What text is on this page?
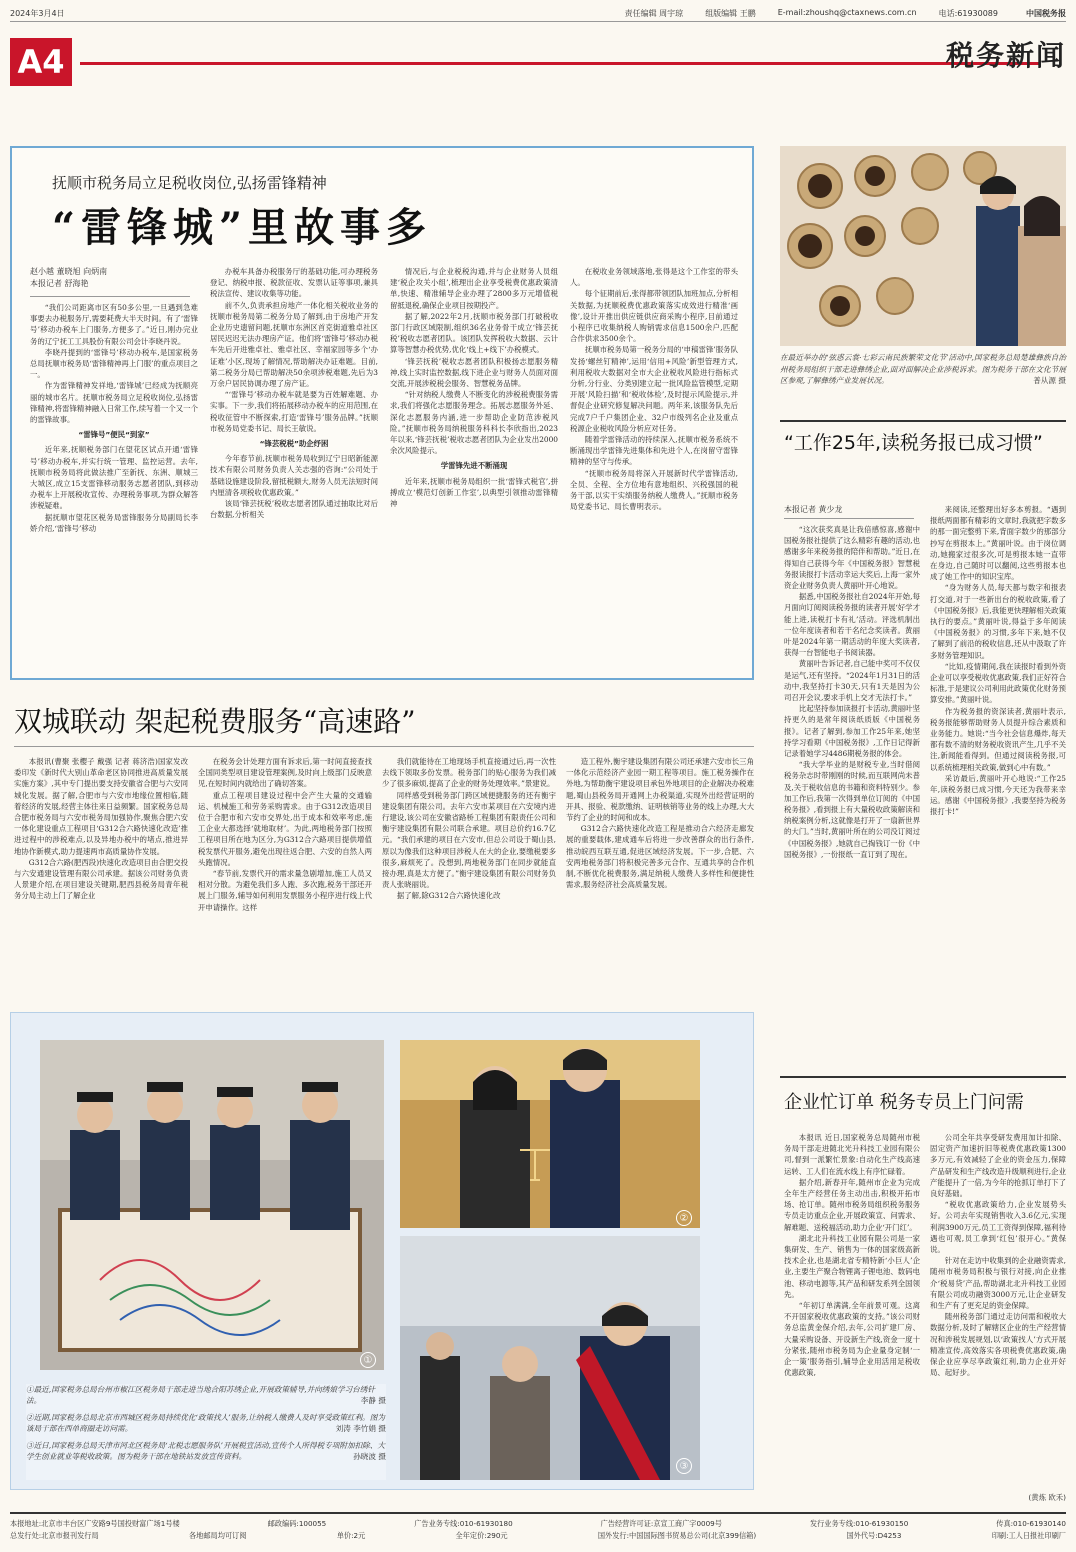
2024年3月4日	责任编辑 周宇琼	组版编辑 王鹏	E-mail:zhoushq@ctaxnews.com.cn	电话:61930089	中国税务报
A4	税务新闻
抚顺市税务局立足税收岗位,弘扬雷锋精神
“雷锋城”里故事多
赵小越 董晓旭 向炳南
本报记者 舒海艳

“我们公司距离市区有50多公里,一旦遇到急难事要去办税服务厅,需要耗费大半天时间。有了‘雷锋号’移动办税车上门服务,方便多了。”近日,刚办完业务的辽宁抚工工具股份有限公司会计李晓丹说。

李晓丹提到的‘雷锋号’移动办税车,是国家税务总局抚顺市税务局‘雷锋精神再上门服’的重点项目之一。

作为雷锋精神发祥地,‘雷锋城’已经成为抚顺亮丽的城市名片。抚顺市税务局立足税收岗位,弘扬雷锋精神,将雷锋精神融入日常工作,续写着一个又一个的雷锋故事。

“雷锋号”便民“到家”

近年来,抚顺税务部门在望花区试点开通‘雷锋号’移动办税车,并实行统一管理、监控运营。去年,抚顺市税务局将此做法推广至新抚、东洲、顺城三大城区,成立15支雷锋移动服务志愿者团队,到移动办税车上开展税收宣传、办理税务事项,为群众解答涉税疑难。

据抚顺市望花区税务局雷锋服务分局副局长李娇介绍,‘雷锋号’移动

办税车具备办税服务厅的基础功能,可办理税务登记、纳税申报、税款征收、发票认证等事项,兼具税法宣传、建议收集等功能。

前不久,负责承担房地产一体化相关税收业务的抚顺市税务局第二税务分局了解到,由于房地产开发企业历史遗留问题,抚顺市东洲区首克街道雅卓社区居民迟迟无法办理房产证。他们将‘雷锋号’移动办税车先后开进雅卓社、雅卓社区、幸福家园等多个‘办证难’小区,现场了解情况,帮助解决办证难题。目前,第二税务分局已帮助解决50余项涉税难题,先后为3万余户居民协调办理了房产证。

“‘雷锋号’移动办税车就是要为百姓解难题、办实事。下一步,我们将拓展移动办税车的应用范围,在税收征管中不断探索,打造‘雷锋号’服务品牌。”抚顺市税务局党委书记、局长王敏说。

“锋芸税税”助企纾困

今年春节前,抚顺市税务局收到辽宁日昭新能源技术有限公司财务负责人关志强的咨询:“公司处于基础设施建设阶段,留抵税额大,财务人员无法短时间内厘清各项税收优惠政策。”

该局‘锋芸抚税’税收志愿者团队通过抽取比对后台数据,分析相关

情况后,与企业税税沟通,并与企业财务人员组建‘税企攻关小组’,梳理出企业享受税费优惠政策清单,快速、精准辅导企业办理了2800多万元增值税留抵退税,确保企业项目按期投产。

据了解,2022年2月,抚顺市税务部门打破税收部门行政区域限制,组织36名业务骨干成立‘锋芸抚税’税收志愿者团队。该团队发挥税收大数据、云计算等智慧办税优势,优化‘线上+线下’办税模式。

‘锋芸抚税’税收志愿者团队积极扬志愿服务精神,线上实时监控数据,线下进企业与财务人员面对面交流,开展涉税税会服务、智慧税务品牌。

“针对纳税人缴费人不断变化的涉税税费服务需求,我们将强化志愿服务理念。拓展志愿服务外延、深化志愿服务内涵,进一步帮助企业防范涉税风险。”抚顺市税务局纳税服务科科长李欣指出,2023年以来,‘锋芸抚税’税收志愿者团队为企业发出2000余次风险提示。

学雷锋先进不断涌现

近年来,抚顺市税务局组织一批‘雷锋式税官’,拼搏成立‘模范灯创新工作室’,以典型引领推动雷锋精神

在税收业务领域落地,张得是这个工作室的带头人。

每个征期前后,张得都带领团队加班加点,分析相关数据,为抚顺税费优惠政策落实成效进行精准‘画像’,设计开推出供应链供应商采购小程序,目前通过小程序已收集纳税人购销需求信息1500余户,匹配合作供求3500余个。

抚顺市税务局第一税务分局的‘申稿雷锋’服务队发扬‘螺丝钉精神’,运用‘信用+风险’新型管理方式,利用税收大数据对全市大企业税收风险进行指标式分析,分行业、分类别建立起一批风险监管模型,定期开展‘风险扫描’和‘税收体检’,及时提示风险提示,并督促企业研究修复解决问题。两年来,该服务队先后完成7户千户集团企业、32户市级列名企业及重点税源企业税收风险分析应对任务。

随着学雷锋活动的持续深入,抚顺市税务系统不断涌现出学雷锋先进集体和先进个人,在岗留守雷锋精神的坚守与传承。

“抚顺市税务局将深入开展新时代学雷锋活动,全员、全程、全方位地有意地组织、兴税强国的税务干部,以实干实绩服务纳税人缴费人。”抚顺市税务局党委书记、局长曹明表示。

在最近举办的‘弦惑云裳·七彩云南民族繁荣文化节’活动中,国家税务总局楚雄彝族自治州税务局组织干部走进彝绣企业,面对面解决企业涉税诉求。图为税务干部在文化节展区参观,了解彝绣产业发展状况。	普从源 摄
“工作25年,读税务报已成习惯”
本报记者 黄少龙

“这次获奖真是让我倍感惊喜,感谢中国税务报社提供了这么精彩有趣的活动,也感谢多年来税务报的陪伴和帮助。”近日,在得知自己获得今年《中国税务报》智慧税务报读报打卡活动幸运大奖后,上海一家外资企业财务负责人黄丽叶开心地说。

据悉,中国税务报社自2024年开始,每月面向订阅阅读税务报的读者开展‘好学才能上进,读税打卡有礼’活动。评选机制出一位年度读者和若干名纪念奖读者。黄丽叶是2024年第一期活动的年度大奖读者,获得一台智能电子书阅读器。

黄丽叶告诉记者,自己能中奖可不仅仅是运气,还有坚持。“2024年1月31日的活动中,我坚持打卡30天,只有1天是因为公司召开会议,要求手机上交才无法打卡。”

比起坚持参加读报打卡活动,黄丽叶坚持更久的是常年阅读纸质版《中国税务报》。记者了解到,参加工作25年来,她坚持学习看期《中国税务报》,工作日记得新记录着她学习4486期税务报的体会。

“我大学毕业的是财税专业,当时借阅税务杂志时带刚刚的时候,而互联网尚未普及,关于税收信息的书籍和资料特别少。参加工作后,我第一次得到单位订阅的《中国税务报》,看到报上有大量税收政策解读和纳税案例分析,这就像是打开了一扇新世界的大门。”当时,黄丽叶所在的公司没订阅过《中国税务报》,她就自己掏钱订一份《中国税务报》,一份报纸一直订到了现在。

来阅读,还整理出好多本剪报。“遇到报纸两面都有精彩的文章时,我就把字数多的那一面完整剪下来,背面字数少的那部分抄写在剪报本上。”黄丽叶说。由于岗位调动,她搬家过很多次,可是剪报本她一直带在身边,自己随时可以翻阅,这些剪报本也成了她工作中的知识宝库。

“身为财务人员,每天都与数字和报表打交道,对于一些新出台的税收政策,看了《中国税务报》后,我能更快理解相关政策执行的要点。”黄丽叶说,得益于多年阅读《中国税务报》的习惯,多年下来,她不仅了解到了前沿的税收信息,还从中汲取了许多财务管理知识。

“比如,疫情期间,我在读报时看到外资企业可以享受税收优惠政策,我们正好符合标准,于是建议公司利用此政策优化财务预算安排。”黄丽叶说。

作为税务报的资深读者,黄丽叶表示,税务报能够帮助财务人员提升综合素质和业务能力。她说:“当今社会信息爆炸,每天都有数不清的财务税收资讯产生,几乎不关注,新闻能看得到。但通过阅读税务报,可以系统梳理相关政策,做到心中有数。”

采访最后,黄丽叶开心地说:“工作25年,读税务报已成习惯,今天还为我带来幸运。感谢《中国税务报》,我要坚持为税务报打卡!”

企业忙订单 税务专员上门问需

本报讯 近日,国家税务总局随州市税务局干部走进随北光升科技工业园有限公司,督到一派繁忙景象:自动化生产线高速运转、工人们在流水线上有序忙碌着。

据介绍,新春开年,随州市企业为完成全年生产经营任务主动出击,积极开拓市场、抢订单。随州市税务局组织税务服务专员走访重点企业,开展政策宣、问需求、解难题、送税福活动,助力企业‘开门红’。

湖北北升科技工业园有限公司是一家集研发、生产、销售为一体的国家级高新技术企业,也是湖北省专精特新‘小巨人’企业,主要生产聚合物锂离子锂电池、数码电池、移动电源等,其产品和研发系列全国领先。

“年初订单满满,全年前景可观。这离不开国家税收优惠政策的支持。”该公司财务总监黄金保介绍,去年,公司扩建厂房、大量采购设备、开设新生产线,资金一度十分紧张,随州市税务局为企业量身定制‘一企一策’服务指引,辅导企业用活用足税收优惠政策,

公司全年共享受研发费用加计扣除、固定资产加速折旧等税费优惠政策1300多万元,有效减轻了企业的资金压力,保障产品研发和生产线改造升级顺利进行,企业产能提升了一倍,为今年的抢抓订单打下了良好基础。

“税收优惠政策给力,企业发展势头好。公司去年实现销售收入3.6亿元,实现利润3900万元,员工工资得到保障,福利待遇也可观,员工拿到‘红包’很开心。”黄保说。

针对在走访中收集到的企业融资需求,随州市税务局积极与银行对接,向企业推介‘税易贷’产品,帮助湖北北升科技工业园有限公司成功融资3000万元,让企业研发和生产有了更充足的资金保障。

随州税务部门通过走访问需和税收大数据分析,及时了解辖区企业的生产经营情况和涉税发展规划,以‘政策找人’方式开展精准宣传,高效落实各项税费优惠政策,确保企业应享尽享政策红利,助力企业开好局、起好步。

(黄炼 欧禾)
双城联动 架起税费服务“高速路”

本报讯(曹聚 张樱子 戴强 记者 蒋济浩)国家发改委印发《新时代大别山革命老区协同推进高质量发展实施方案》,其中专门提出要支持安徽省合肥与六安同城化发展。据了解,合肥市与六安市地缘位置相临,随着经济的发展,经营主体往来日益频繁。国家税务总局合肥市税务局与六安市税务局加强协作,聚焦合肥六安一体化建设重点工程项目‘G312合六路快速化改造’推进过程中的涉税难点,以及异地办税中的堵点,推进异地协作新模式,助力提速两市高质量协作发展。

G312合六路(肥西段)快速化改造项目由合肥交投与六安通建设管理有限公司承建。据该公司财务负责人景建介绍,在项目建设关键期,肥西县税务局青年税务分局主动上门了解企业

在税务会计处理方面有诉求后,第一时间直接查找全国同类型项目建设管理案例,及时向上级部门反映意见,在短时间内就给出了确切答案。

重点工程项目建设过程中会产生大量的交通输运、机械施工和劳务采购需求。由于G312改造项目位于合肥市和六安市交界处,出于成本和效率考虑,施工企业大都选择‘就地取材’。为此,两地税务部门按照工程项目所在地为区分,为G312合六路项目提供增值税发票代开服务,避免出现往返合肥、六安的自然人两头跑情况。

“春节前,发票代开的需求量急剧增加,施工人员又相对分散。为避免我们多人跑、多次跑,税务干部还开展上门服务,辅导如何利用发票服务小程序进行线上代开申请操作。这样

我们就能待在工地现场手机直接通过后,再一次性去线下领取多份发票。税务部门的贴心服务为我们减少了很多麻烦,提高了企业的财务处理效率。”景建说。

同样感受到税务部门跨区域便捷服务的还有衡宇建设集团有限公司。去年六安市某项目在六安境内进行建设,该公司在安徽省路桥工程集团有限责任公司和衡宇建设集团有限公司联合承建。项目总价约16.7亿元。“我们承建的项目在六安市,但总公司设于蜀山县,原以为像我们这种项目涉税人在大的企业,要缴税要多很多,麻烦死了。没想到,两地税务部门在同步就能直接办理,真是太方便了。”衡宇建设集团有限公司财务负责人张晓丽说。

据了解,除G312合六路快速化改

造工程外,衡宇建设集团有限公司还承建六安市长三角一体化示范经济产业园一期工程等项目。施工税务操作在外地,为帮助衡宇建设项目承包外地项目的企业解决办税难题,蜀山县税务局开通网上办税渠道,实现外出经营证明的开具、报验、税款缴纳、证明核销等业务的线上办理,大大节约了企业的时间和成本。

G312合六路快速化改造工程是推动合六经济走廊发展的重要载体,建成通车后将进一步改善群众的出行条件,推动皖西互联互通,促进区域经济发展。下一步,合肥、六安两地税务部门将积极完善多元合作、互通共享的合作机制,不断优化税费服务,满足纳税人缴费人多样性和便捷性需求,服务经济社会高质量发展。

①
②
③
①最近,国家税务总局台州市椒江区税务局干部走进当地合阳苏绣企业,开展政策辅导,并向绣娘学习台绣针法。	李静 摄
②近期,国家税务总局北京市西城区税务局持续优化‘政策找人’服务,让纳税人缴费人及时享受政策红利。图为该局干部在西单商圈走访问需。	刘涛 李竹娟 摄
③近日,国家税务总局天津市河北区税务局‘北税志愿服务队’开展税宣活动,宣传个人所得税专项附加扣除、大学生创业就业等税收政策。图为税务干部在地铁站发放宣传资料。	孙晓波 摄
本报地址:北京市丰台区广安路9号国投财富广场1号楼	邮政编码:100055	广告业务专线:010-61930180	广告经营许可证:京宣工商广字0009号	发行业务专线:010-61930150	传真:010-61930140
总发行处:北京市报刊发行局	各地邮局均可订阅	单价:2元	全年定价:290元	国外发行:中国国际图书贸易总公司(北京399信箱)	国外代号:D4253	印刷:工人日报社印刷厂
